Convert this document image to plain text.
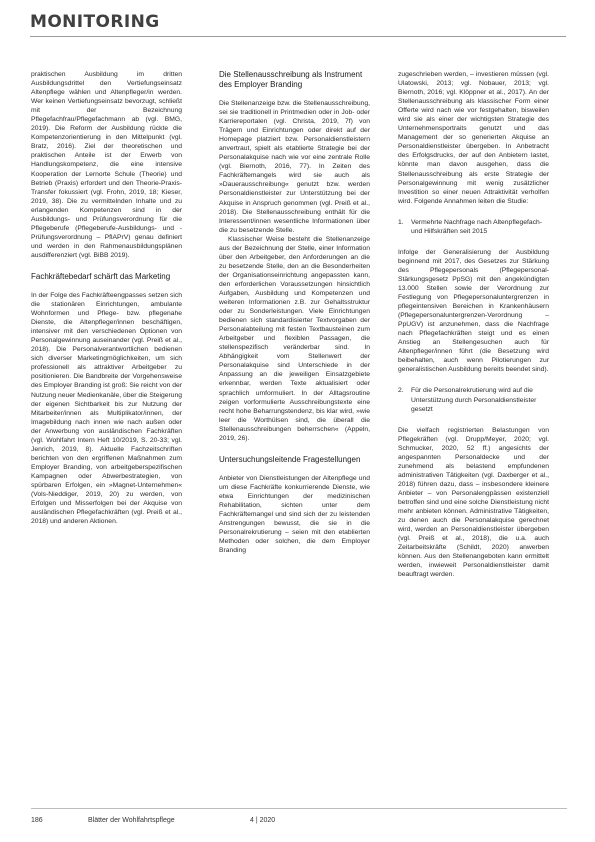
MONITORING

praktischen Ausbildung im dritten Ausbildungsdrittel den Vertiefungseinsatz Altenpflege wählen und Altenpfleger/in werden. Wer keinen Vertiefungseinsatz bevorzugt, schließt mit der Bezeichnung Pflegefachfrau/Pflegefachmann ab (vgl. BMG, 2019). Die Reform der Ausbildung rückte die Kompetenzorientierung in den Mittelpunkt (vgl. Bratz, 2016). Ziel der theoretischen und praktischen Anteile ist der Erwerb von Handlungskompetenz, die eine intensive Kooperation der Lernorte Schule (Theorie) und Betrieb (Praxis) erfordert und den Theorie-Praxis-Transfer fokussiert (vgl. Frohn, 2019, 18; Kieser, 2019, 38). Die zu vermittelnden Inhalte und zu erlangenden Kompetenzen sind in der Ausbildungs- und Prüfungsverordnung für die Pflegeberufe (Pflegeberufe-Ausbildungs- und -Prüfungsverordnung – PflAPrV) genau definiert und werden in den Rahmenausbildungsplänen ausdifferenziert (vgl. BiBB 2019).

Fachkräftebedarf schärft das Marketing

In der Folge des Fachkräfteengpasses setzen sich die stationären Einrichtungen, ambulante Wohnformen und Pflege- bzw. pflegenahe Dienste, die Altenpfleger/innen beschäftigen, intensiver mit den verschiedenen Optionen von Personalgewinnung auseinander (vgl. Preiß et al., 2018). Die Personalverantwortlichen bedienen sich diverser Marketingmöglichkeiten, um sich professionell als attraktiver Arbeitgeber zu positionieren. Die Bandbreite der Vorgehensweise des Employer Branding ist groß: Sie reicht von der Nutzung neuer Medienkanäle, über die Steigerung der eigenen Sichtbarkeit bis zur Nutzung der Mitarbeiter/innen als Multiplikator/innen, der Imagebildung nach innen wie nach außen oder der Anwerbung von ausländischen Fachkräften (vgl. Wohlfahrt Intern Heft 10/2019, S. 20-33; vgl. Jenrich, 2019, 8). Aktuelle Fachzeitschriften berichten von den ergriffenen Maßnahmen zum Employer Branding, von arbeitgeberspezifischen Kampagnen oder Abwerbestrategien, von spürbaren Erfolgen, ein »Magnet-Unternehmen« (Vols-Nieddiger, 2019, 20) zu werden, von Erfolgen und Misserfolgen bei der Akquise von ausländischen Pflegefachkräften (vgl. Preiß et al., 2018) und anderen Aktionen.

Die Stellenausschreibung als Instrument des Employer Branding

Die Stellenanzeige bzw. die Stellenausschreibung, sei sie traditionell in Printmedien oder in Job- oder Karriereportalen (vgl. Christa, 2019, 7f) von Trägern und Einrichtungen oder direkt auf der Homepage platziert bzw. Personaldienstleistern anvertraut, spielt als etablierte Strategie bei der Personalakquise nach wie vor eine zentrale Rolle (vgl. Biernoth, 2016, 77). In Zeiten des Fachkräftemangels wird sie auch als »Dauerausschreibung« genutzt bzw. werden Personaldienstleister zur Unterstützung bei der Akquise in Anspruch genommen (vgl. Preiß et al., 2018). Die Stellenausschreibung enthält für die Interessent/innen wesentliche Informationen über die zu besetzende Stelle.

Klassischer Weise besteht die Stellenanzeige aus der Bezeichnung der Stelle, einer Information über den Arbeitgeber, den Anforderungen an die zu besetzende Stelle, den an die Besonderheiten der Organisationseinrichtung angepassten kann, den erforderlichen Voraussetzungen hinsichtlich Aufgaben, Ausbildung und Kompetenzen und weiteren Informationen z.B. zur Gehaltsstruktur oder zu Sonderleistungen. Viele Einrichtungen bedienen sich standardisierter Textvorgaben der Personalabteilung mit festen Textbausteinen zum Arbeitgeber und flexiblen Passagen, die stellenspezifisch veränderbar sind. In Abhängigkeit vom Stellenwert der Personalakquise sind Unterschiede in der Anpassung an die jeweiligen Einsatzgebiete erkennbar, werden Texte aktualisiert oder sprachlich umformuliert. In der Alltagsroutine zeigen vorformulierte Ausschreibungstexte eine recht hohe Beharrungstendenz, bis klar wird, »wie leer die Worthülsen sind, die überall die Stellenausschreibungen beherrschen« (Appeln, 2019, 26).

Untersuchungsleitende Fragestellungen

Anbieter von Dienstleistungen der Altenpflege und um diese Fachkräfte konkurrierende Dienste, wie etwa Einrichtungen der medizinischen Rehabilitation, sichten unter dem Fachkräftemangel und sind sich der zu leistenden Anstrengungen bewusst, die sie in die Personalrekrutierung – seien mit den etablierten Methoden oder solchen, die dem Employer Branding

zugeschrieben werden, – investieren müssen (vgl. Ulatowski, 2013; vgl. Nobauer, 2013; vgl. Biernoth, 2016; vgl. Klöppner et al., 2017). An der Stellenausschreibung als klassischer Form einer Offerte wird nach wie vor festgehalten, bisweilen wird sie als einer der wichtigsten Strategie des Unternehmensportraits genutzt und das Management der so generierten Akquise an Personaldienstleister übergeben. In Anbetracht des Erfolgsdrucks, der auf den Anbietern lastet, könnte man davon ausgehen, dass die Stellenausschreibung als erste Strategie der Personalgewinnung mit wenig zusätzlicher Investition so einer neuen Attraktivität verholfen wird. Folgende Annahmen leiten die Studie:

1.	Vermehrte Nachfrage nach Altenpflegefach- und Hilfskräften seit 2015

Infolge der Generalisierung der Ausbildung beginnend mit 2017, des Gesetzes zur Stärkung des Pflegepersonals (Pflegepersonal-Stärkungsgesetz PpSG) mit den angekündigten 13.000 Stellen sowie der Verordnung zur Festlegung von Pflegepersonaluntergrenzen in pflegeintensiven Bereichen in Krankenhäusern (Pflegepersonaluntergrenzen-Verordnung – PpUGV) ist anzunehmen, dass die Nachfrage nach Pflegefachkräften steigt und es einen Anstieg an Stellengesuchen auch für Altenpfleger/innen führt (die Besetzung wird beibehalten, auch wenn Pilotierungen zur generalistischen Ausbildung bereits beendet sind).

2.	Für die Personalrekrutierung wird auf die Unterstützung durch Personaldienstleister gesetzt

Die vielfach registrierten Belastungen von Pflegekräften (vgl. Drupp/Meyer, 2020; vgl. Schmucker, 2020, 52 ff.) angesichts der angespannten Personaldecke und der zunehmend als belastend empfundenen administrativen Tätigkeiten (vgl. Daxberger et al., 2018) führen dazu, dass – insbesondere kleinere Anbieter – von Personalengpässen existenziell betroffen sind und eine solche Dienstleistung nicht mehr anbieten können. Administrative Tätigkeiten, zu denen auch die Personalakquise gerechnet wird, werden an Personaldienstleister übergeben (vgl. Preiß et al., 2018), die u.a. auch Zeitarbeitskräfte (Schildt, 2020) anwerben können. Aus den Stellenangeboten kann ermittelt werden, inwieweit Personaldienstleister damit beauftragt werden.

186	Blätter der Wohlfahrtspflege	4 | 2020
